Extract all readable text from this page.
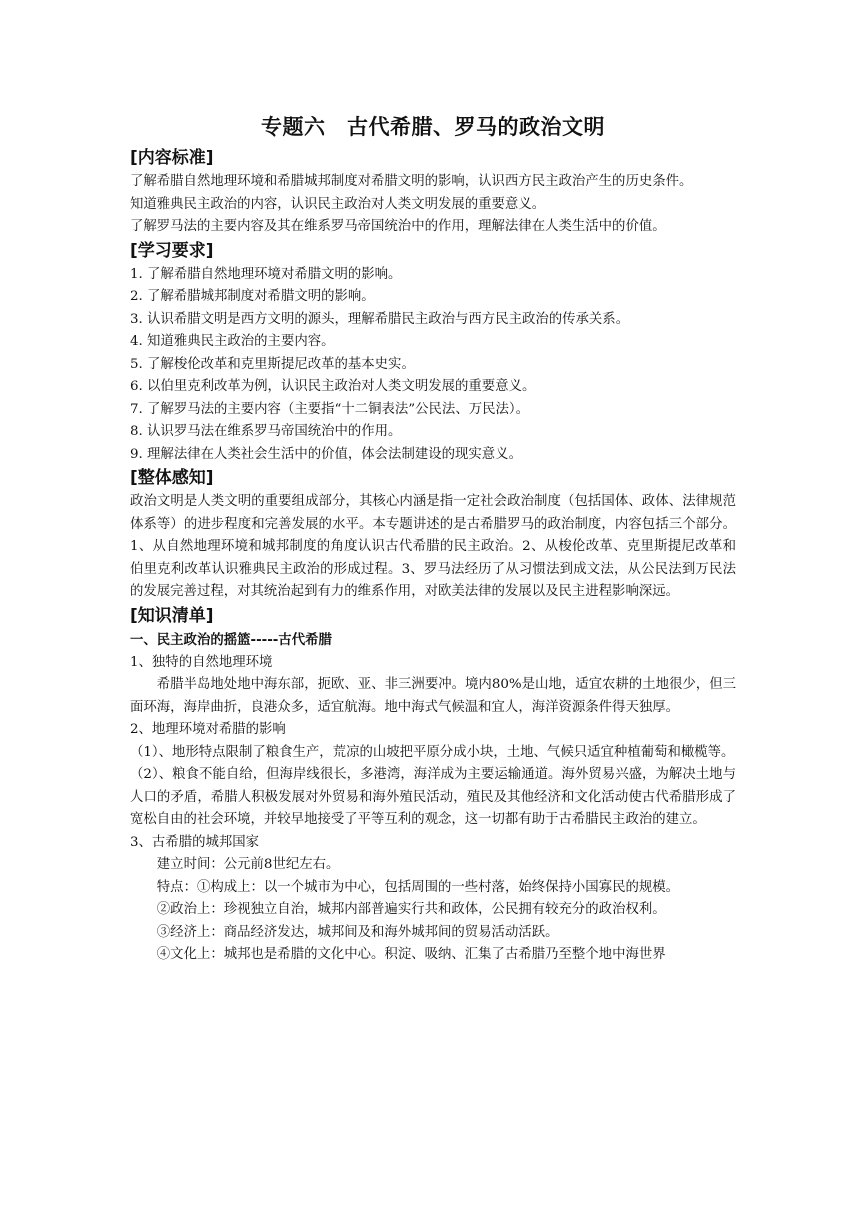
专题六　古代希腊、罗马的政治文明
[内容标准]

了解希腊自然地理环境和希腊城邦制度对希腊文明的影响，认识西方民主政治产生的历史条件。

知道雅典民主政治的内容，认识民主政治对人类文明发展的重要意义。

了解罗马法的主要内容及其在维系罗马帝国统治中的作用，理解法律在人类生活中的价值。

[学习要求]
1. 了解希腊自然地理环境对希腊文明的影响。
2. 了解希腊城邦制度对希腊文明的影响。
3. 认识希腊文明是西方文明的源头，理解希腊民主政治与西方民主政治的传承关系。
4. 知道雅典民主政治的主要内容。
5. 了解梭伦改革和克里斯提尼改革的基本史实。
6. 以伯里克利改革为例，认识民主政治对人类文明发展的重要意义。
7. 了解罗马法的主要内容（主要指“十二铜表法”公民法、万民法）。
8. 认识罗马法在维系罗马帝国统治中的作用。
9. 理解法律在人类社会生活中的价值，体会法制建设的现实意义。
[整体感知]

政治文明是人类文明的重要组成部分，其核心内涵是指一定社会政治制度（包括国体、政体、法律规范体系等）的进步程度和完善发展的水平。本专题讲述的是古希腊罗马的政治制度，内容包括三个部分。1、从自然地理环境和城邦制度的角度认识古代希腊的民主政治。2、从梭伦改革、克里斯提尼改革和伯里克利改革认识雅典民主政治的形成过程。3、罗马法经历了从习惯法到成文法，从公民法到万民法的发展完善过程，对其统治起到有力的维系作用，对欧美法律的发展以及民主进程影响深远。

[知识清单]

一、民主政治的摇篮-----古代希腊

1、独特的自然地理环境

希腊半岛地处地中海东部，扼欧、亚、非三洲要冲。境内80%是山地，适宜农耕的土地很少，但三面环海，海岸曲折，良港众多，适宜航海。地中海式气候温和宜人，海洋资源条件得天独厚。

2、地理环境对希腊的影响

（1）、地形特点限制了粮食生产，荒凉的山坡把平原分成小块，土地、气候只适宜种植葡萄和橄榄等。

（2）、粮食不能自给，但海岸线很长，多港湾，海洋成为主要运输通道。海外贸易兴盛，为解决土地与人口的矛盾，希腊人积极发展对外贸易和海外殖民活动，殖民及其他经济和文化活动使古代希腊形成了宽松自由的社会环境，并较早地接受了平等互利的观念，这一切都有助于古希腊民主政治的建立。

3、古希腊的城邦国家

建立时间：公元前8世纪左右。

特点：①构成上：以一个城市为中心，包括周围的一些村落，始终保持小国寡民的规模。

②政治上：珍视独立自治，城邦内部普遍实行共和政体，公民拥有较充分的政治权利。

③经济上：商品经济发达，城邦间及和海外城邦间的贸易活动活跃。

④文化上：城邦也是希腊的文化中心。积淀、吸纳、汇集了古希腊乃至整个地中海世界
